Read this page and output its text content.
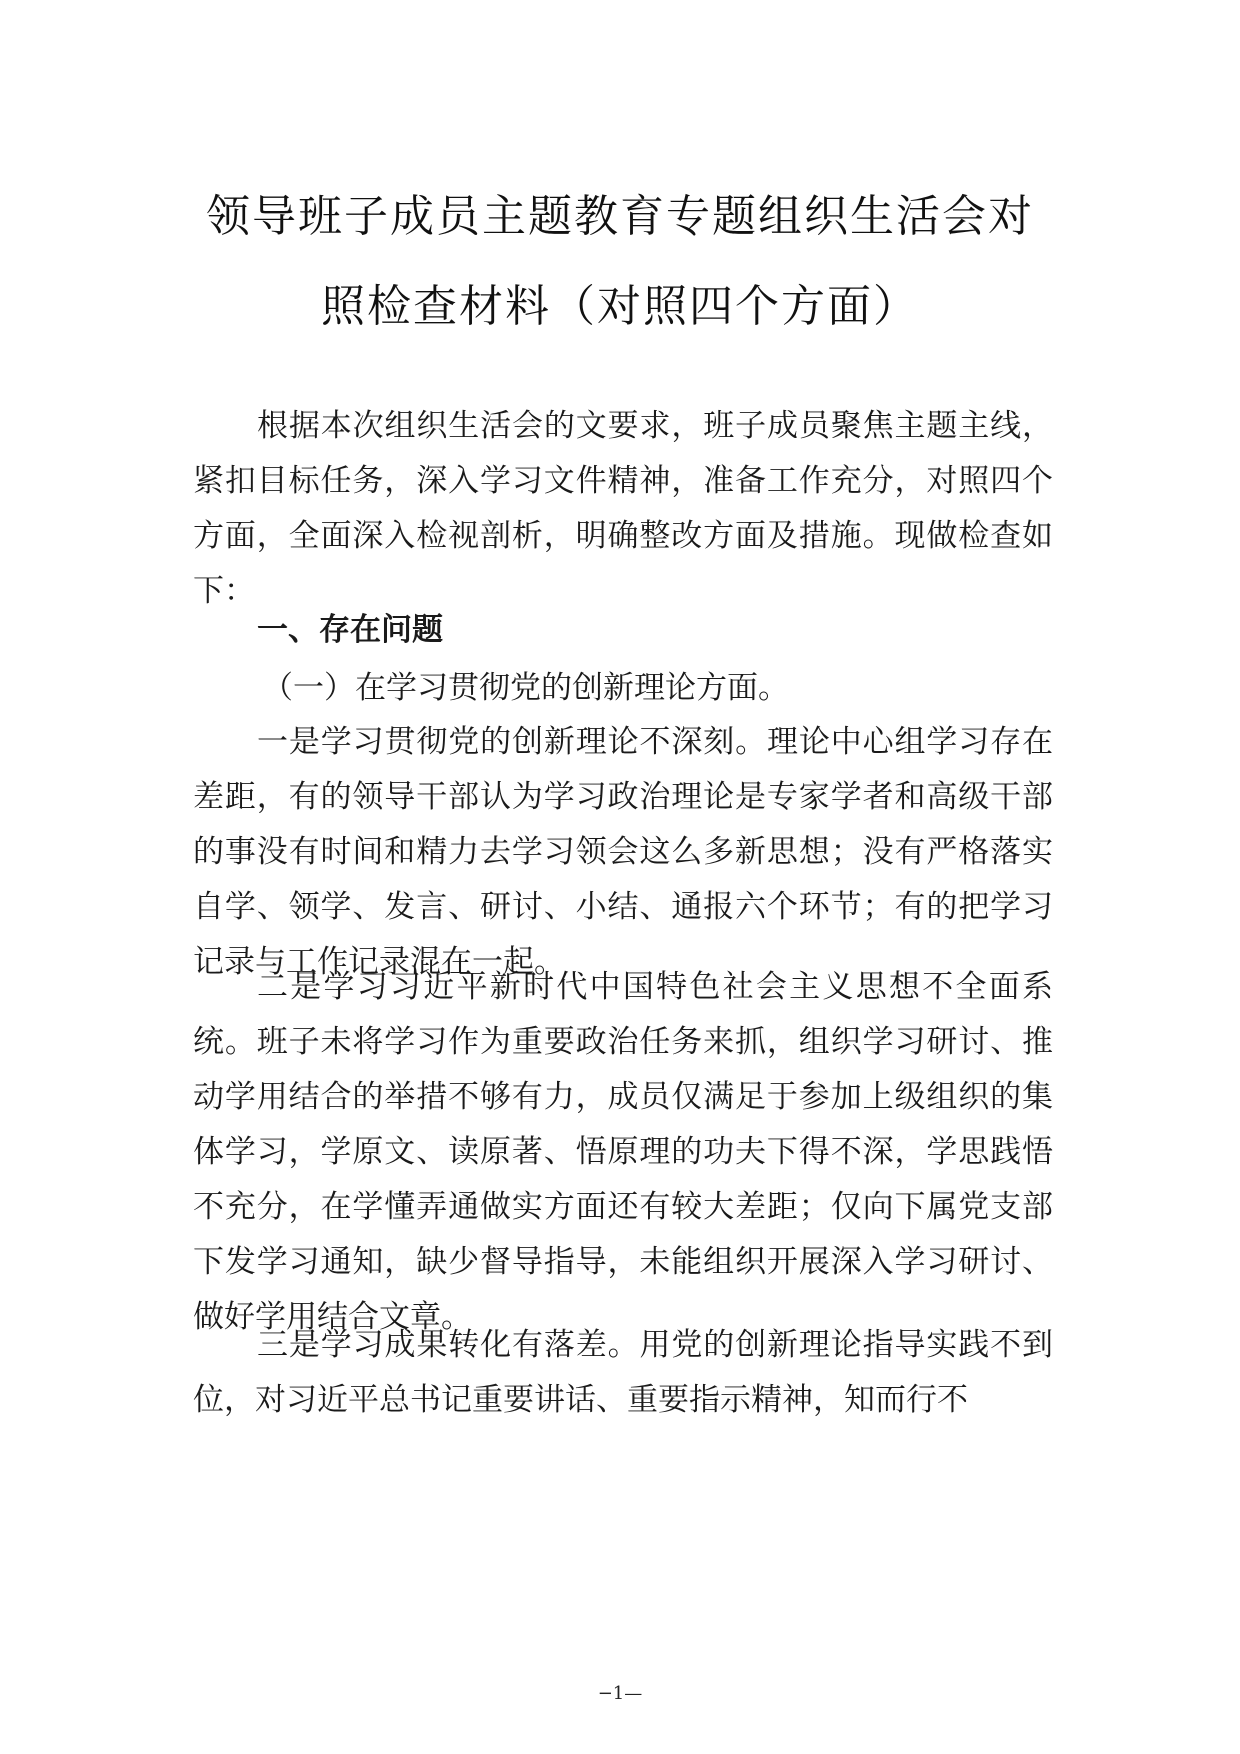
领导班子成员主题教育专题组织生活会对
照检查材料（对照四个方面）

根据本次组织生活会的文要求，班子成员聚焦主题主线，紧扣目标任务，深入学习文件精神，准备工作充分，对照四个方面，全面深入检视剖析，明确整改方面及措施。现做检查如下：

一、存在问题

（一）在学习贯彻党的创新理论方面。

一是学习贯彻党的创新理论不深刻。理论中心组学习存在差距，有的领导干部认为学习政治理论是专家学者和高级干部的事没有时间和精力去学习领会这么多新思想；没有严格落实自学、领学、发言、研讨、小结、通报六个环节；有的把学习记录与工作记录混在一起。

二是学习习近平新时代中国特色社会主义思想不全面系统。班子未将学习作为重要政治任务来抓，组织学习研讨、推动学用结合的举措不够有力，成员仅满足于参加上级组织的集体学习，学原文、读原著、悟原理的功夫下得不深，学思践悟不充分，在学懂弄通做实方面还有较大差距；仅向下属党支部下发学习通知，缺少督导指导，未能组织开展深入学习研讨、做好学用结合文章。

三是学习成果转化有落差。用党的创新理论指导实践不到位，对习近平总书记重要讲话、重要指示精神，知而行不

−1—
